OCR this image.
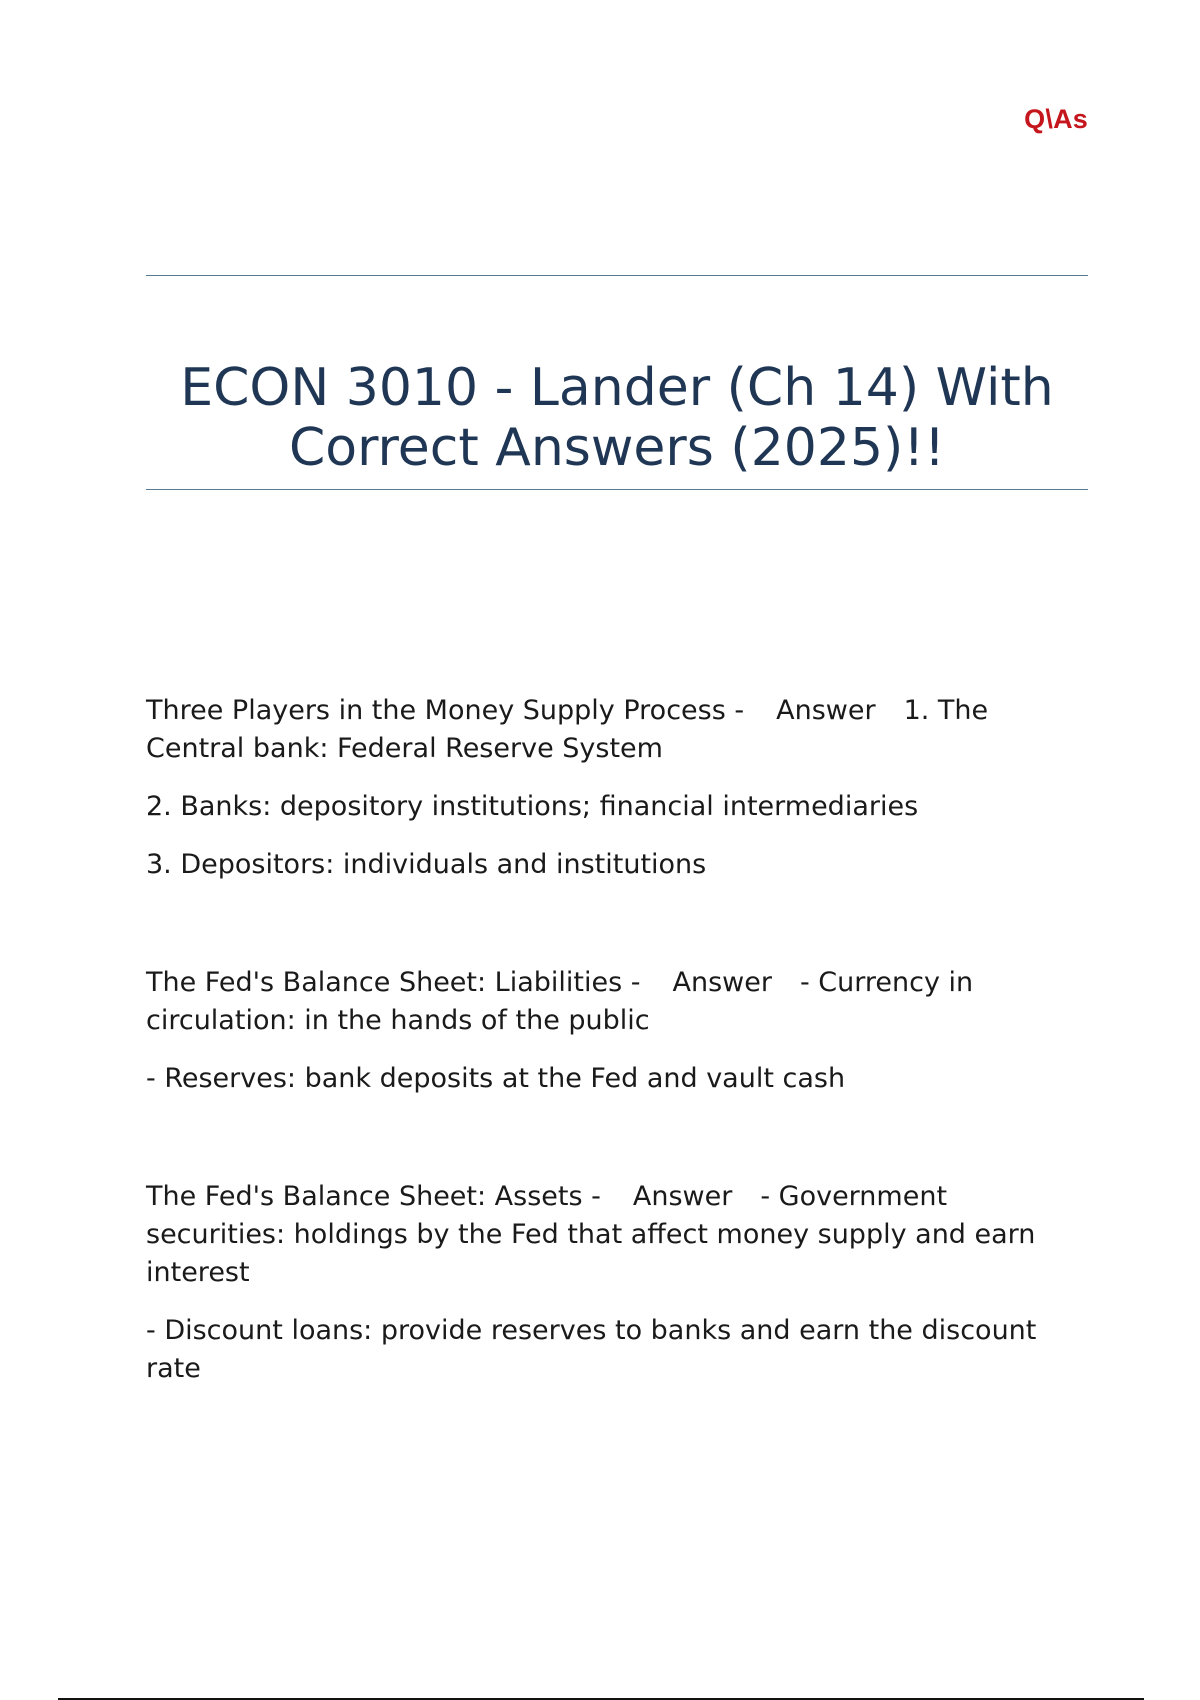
Q\As
ECON 3010 - Lander (Ch 14) With Correct Answers (2025)!!

Three Players in the Money Supply Process - Answer 1. The Central bank: Federal Reserve System

2. Banks: depository institutions; financial intermediaries

3. Depositors: individuals and institutions

The Fed's Balance Sheet: Liabilities - Answer - Currency in circulation: in the hands of the public

- Reserves: bank deposits at the Fed and vault cash

The Fed's Balance Sheet: Assets - Answer - Government securities: holdings by the Fed that affect money supply and earn interest

- Discount loans: provide reserves to banks and earn the discount rate
